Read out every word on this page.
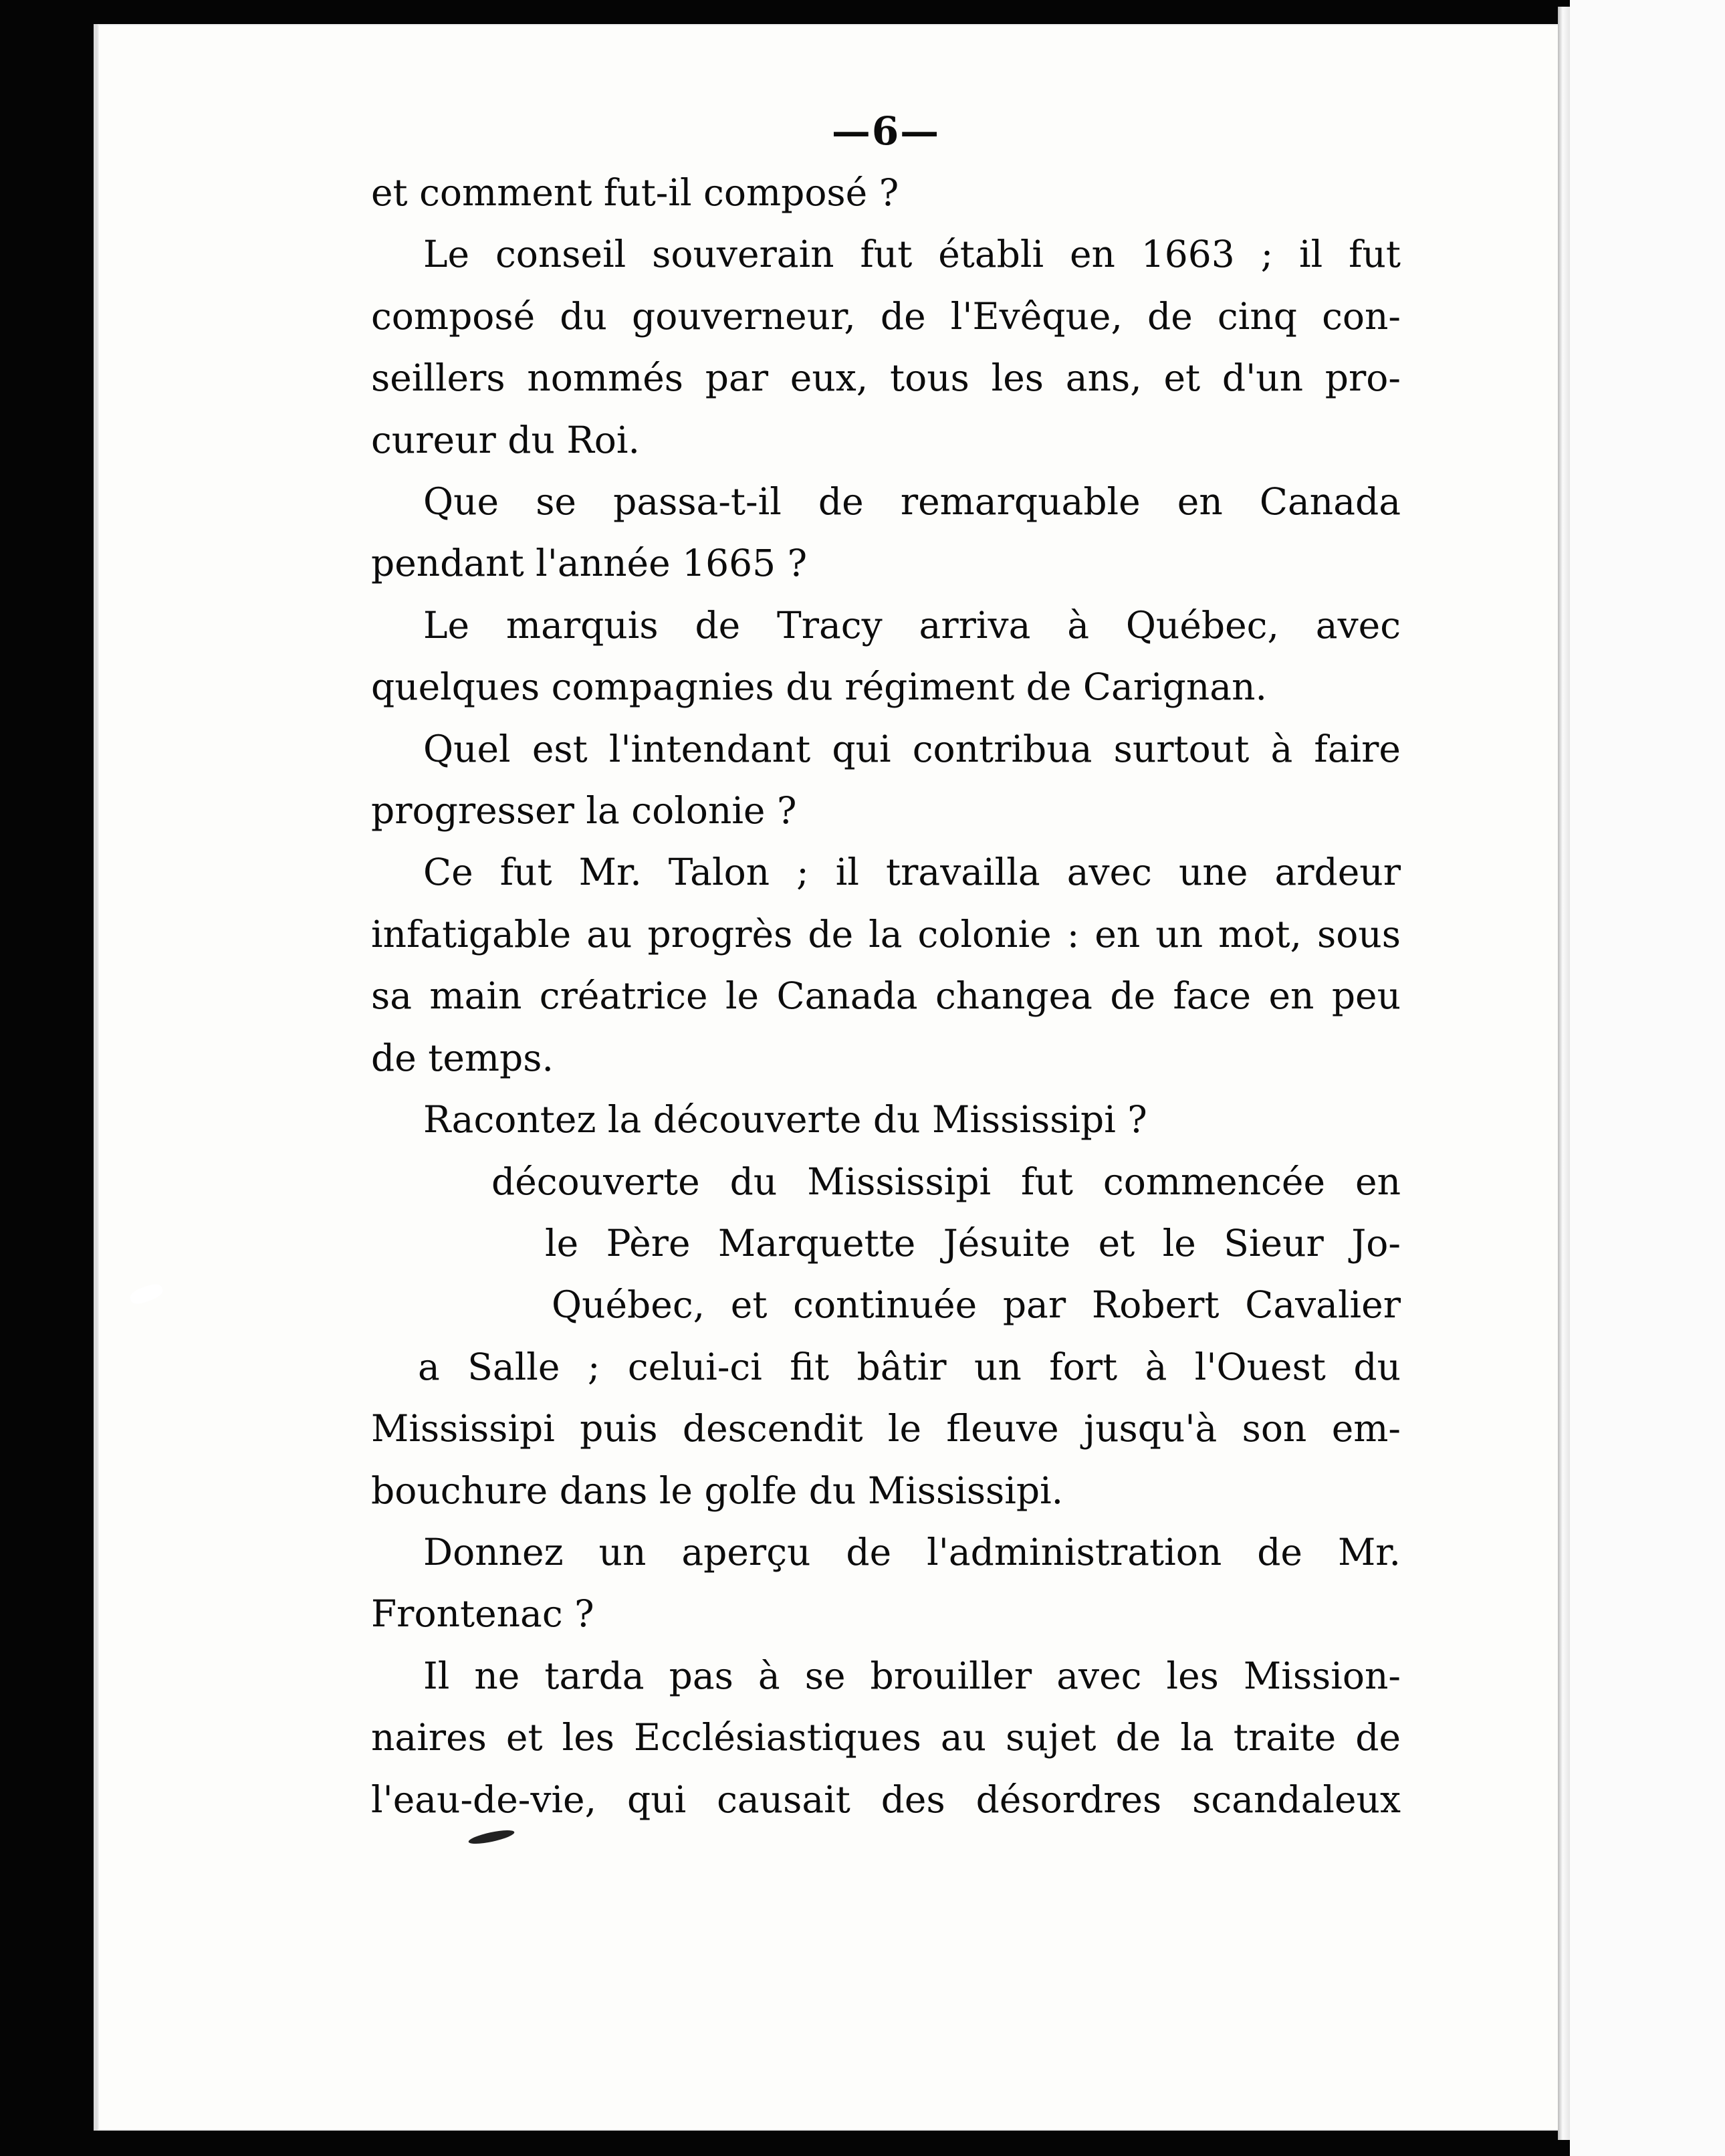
—6—
et comment fut-il composé ?
Le conseil souverain fut établi en 1663 ; il fut
composé du gouverneur, de l'Evêque, de cinq con-
seillers nommés par eux, tous les ans, et d'un pro-
cureur du Roi.
Que se passa-t-il de remarquable en Canada
pendant l'année 1665 ?
Le marquis de Tracy arriva à Québec, avec
quelques compagnies du régiment de Carignan.
Quel est l'intendant qui contribua surtout à faire
progresser la colonie ?
Ce fut Mr. Talon ; il travailla avec une ardeur
infatigable au progrès de la colonie : en un mot, sous
sa main créatrice le Canada changea de face en peu
de temps.
Racontez la découverte du Mississipi ?
découverte du Mississipi fut commencée en
le Père Marquette Jésuite et le Sieur Jo-
Québec, et continuée par Robert Cavalier
a Salle ; celui-ci fit bâtir un fort à l'Ouest du
Mississipi puis descendit le fleuve jusqu'à son em-
bouchure dans le golfe du Mississipi.
Donnez un aperçu de l'administration de Mr.
Frontenac ?
Il ne tarda pas à se brouiller avec les Mission-
naires et les Ecclésiastiques au sujet de la traite de
l'eau-de-vie, qui causait des désordres scandaleux
